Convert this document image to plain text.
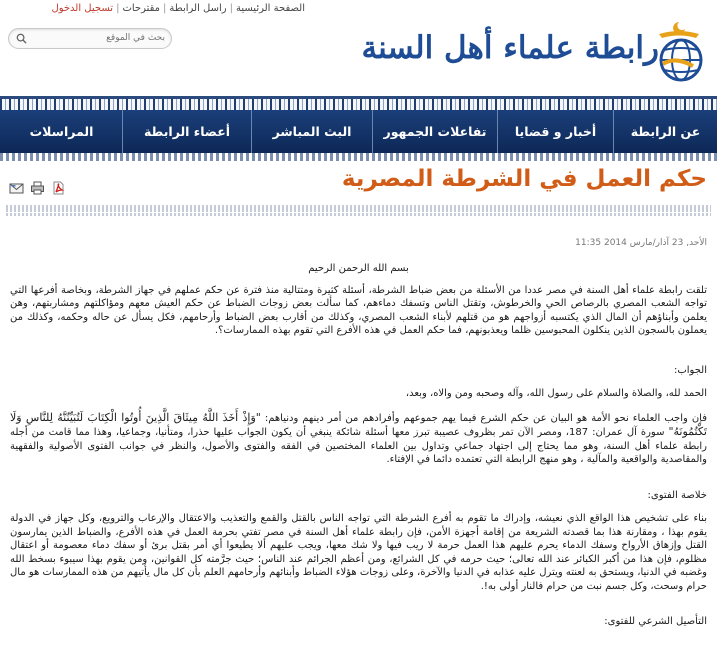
الصفحة الرئيسية|راسل الرابطة|مقترحات|تسجيل الدخول
بحث في الموقع
رابطة علماء أهل السنة
عن الرابطة
أخبار و قضايا
تفاعلات الجمهور
البث المباشر
أعضاء الرابطة
المراسلات
حكم العمل في الشرطة المصرية
الأحد, 23 آذار/مارس 2014 11:35

بسم الله الرحمن الرحيم

تلقت رابطة علماء أهل السنة في مصر عددا من الأسئلة من بعض ضباط الشرطة، أسئلة كثيرة ومتتالية منذ فترة عن حكم عملهم في جهاز الشرطة، وبخاصة أفرعها التي تواجه الشعب المصري بالرصاص الحي والخرطوش، وتقتل الناس وتسفك دماءهم، كما سألت بعض زوجات الضباط عن حكم العيش معهم ومؤاكلتهم ومشاربتهم، وهن يعلمن وأبناؤهم أن المال الذي يكتسبه أزواجهم هو من قتلهم لأبناء الشعب المصري، وكذلك من أقارب بعض الضباط وأرحامهم، فكل يسأل عن حاله وحكمه، وكذلك من يعملون بالسجون الذين ينكلون المحبوسين ظلما ويعذبونهم، فما حكم العمل في هذه الأفرع التي تقوم بهذه الممارسات؟.

الجواب:

الحمد لله، والصلاة والسلام على رسول الله، وآله وصحبه ومن والاه، وبعد،

فإن واجب العلماء نحو الأمة هو البيان عن حكم الشرع فيما يهم جموعهم وأفرادهم من أمر دينهم ودنياهم: "وَإِذْ أَخَذَ اللَّهُ مِيثَاقَ الَّذِينَ أُوتُوا الْكِتَابَ لَتُبَيِّنُنَّهُ لِلنَّاسِ وَلَا تَكْتُمُونَهُ" سورة آل عمران: 187، ومصر الآن تمر بظروف عصيبة تبرز معها أسئلة شائكة ينبغي أن يكون الجواب عليها حذرا، ومتأنيا، وجماعيا، وهذا مما قامت من أجله رابطة علماء أهل السنة، وهو مما يحتاج إلى اجتهاد جماعي وتداول بين العلماء المختصين في الفقه والفتوى والأصول، والنظر في جوانب الفتوى الأصولية والفقهية والمقاصدية والواقعية والمآلية ، وهو منهج الرابطة التي تعتمده دائما في الإفتاء.

خلاصة الفتوى:

بناء على تشخيص هذا الواقع الذي نعيشه، وإدراك ما تقوم به أفرع الشرطة التي تواجه الناس بالقتل والقمع والتعذيب والاعتقال والإرعاب والترويع، وكل جهاز في الدولة يقوم بهذا ، ومقارنة هذا بما قصدته الشريعة من إقامة أجهزة الأمن، فإن رابطة علماء أهل السنة في مصر تفتي بحرمة العمل في هذه الأفرع، والضباط الذين يمارسون القتل وإزهاق الأرواح وسفك الدماء يحرم عليهم هذا العمل حرمة لا ريب فيها ولا شك معها، ويجب عليهم ألا يطيعوا أي أمر بقتل برئ أو سفك دماء معصومة أو اعتقال مظلوم، فإن هذا من أكبر الكبائر عند الله تعالى؛ حيث حرمه في كل الشرائع، ومن أعظم الجرائم عند الناس؛ حيث جرَّمته كل القوانين، ومن يقوم بهذا سيبوء بسخط الله وغضبه في الدنيا، ويستحق به لعنته ويترل عليه عذابه في الدنيا والآخرة، وعلى زوجات هؤلاء الضباط وأبنائهم وأرحامهم العلم بأن كل مال يأتيهم من هذه الممارسات هو مال حرام وسحت، وكل جسم نبت من حرام فالنار أولى به!.

التأصيل الشرعي للفتوى:
